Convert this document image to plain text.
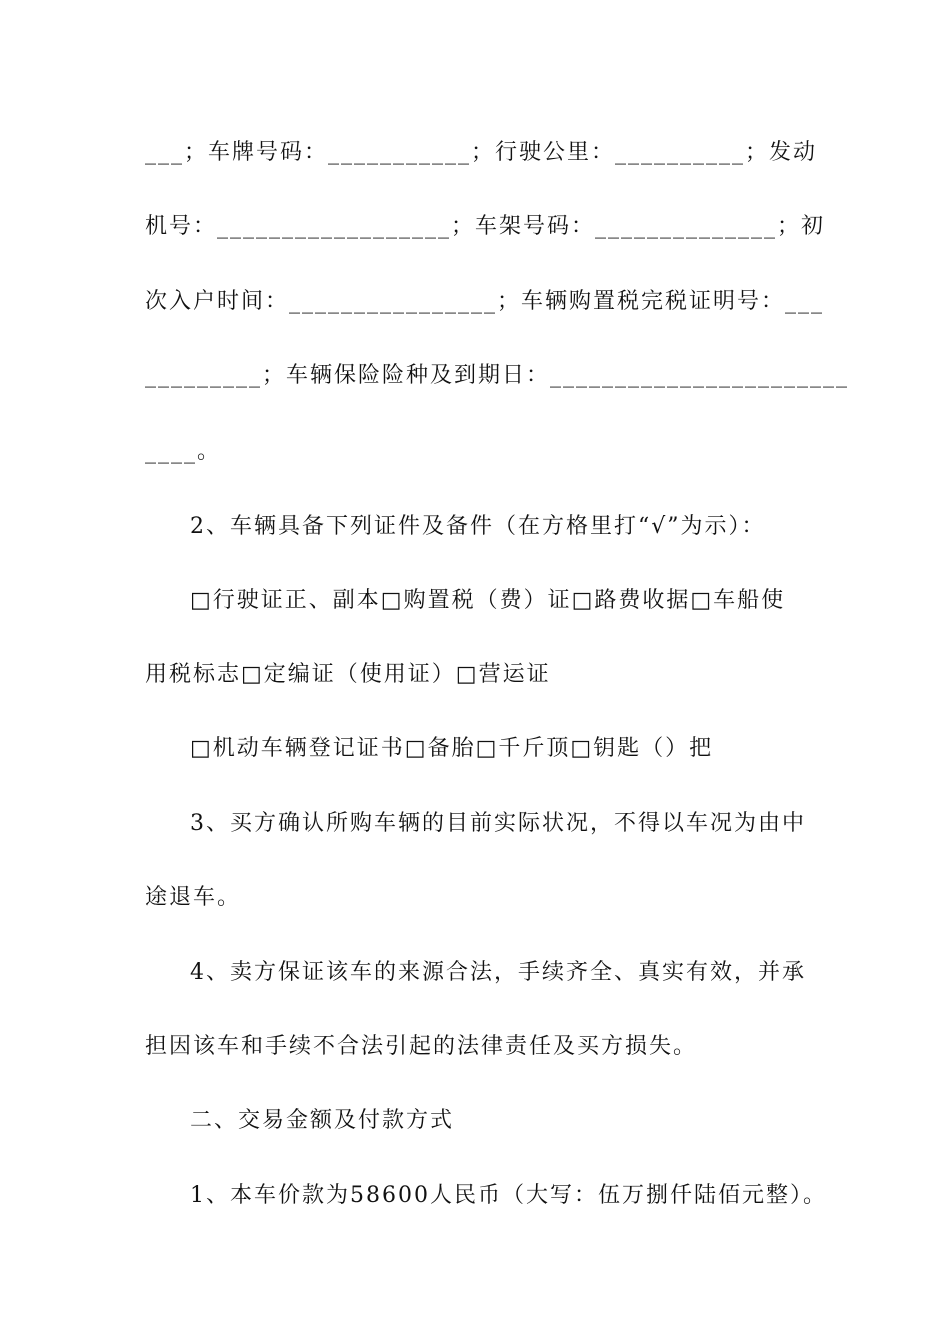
___；车牌号码：___________；行驶公里：__________；发动
机号：__________________；车架号码：______________；初
次入户时间：________________；车辆购置税完税证明号：___
_________；车辆保险险种及到期日：_______________________
____。
2、车辆具备下列证件及备件（在方格里打“√”为示）：
□行驶证正、副本□购置税（费）证□路费收据□车船使
用税标志□定编证（使用证）□营运证
□机动车辆登记证书□备胎□千斤顶□钥匙（）把
3、买方确认所购车辆的目前实际状况，不得以车况为由中
途退车。
4、卖方保证该车的来源合法，手续齐全、真实有效，并承
担因该车和手续不合法引起的法律责任及买方损失。
二、交易金额及付款方式
1、本车价款为58600人民币（大写：伍万捌仟陆佰元整）。
